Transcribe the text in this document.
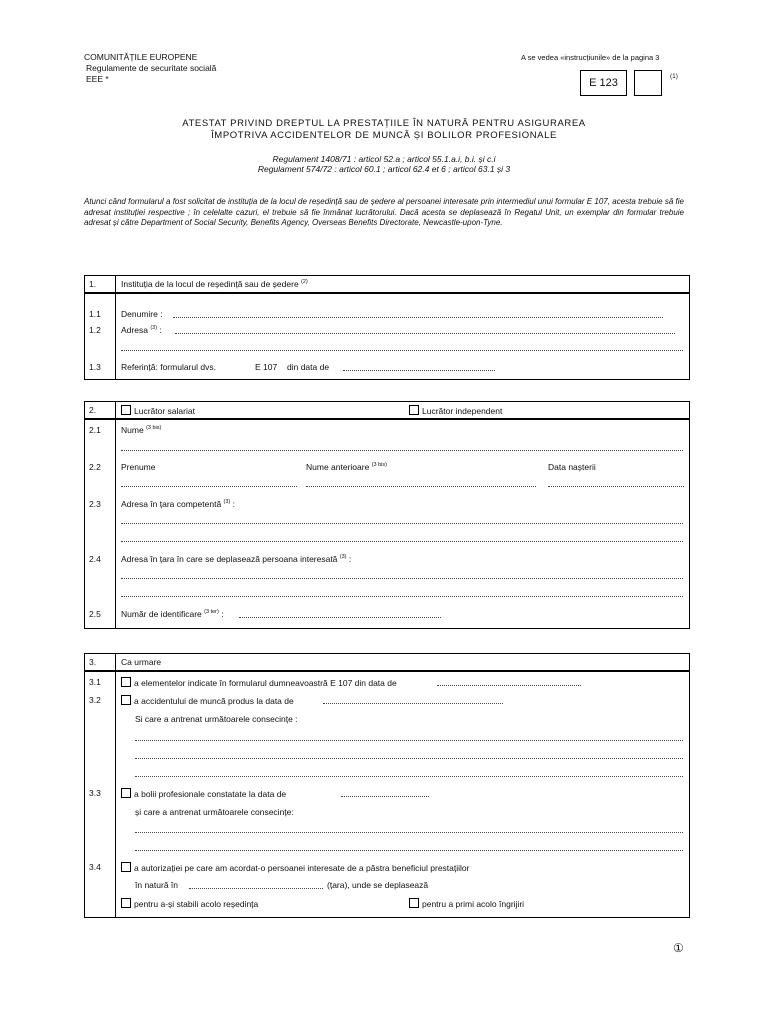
COMUNITĂȚILE EUROPENE
Regulamente de securitate socială
EEE *
A se vedea «instrucțiunile» de la pagina 3
E 123
(1)
ATESTAT PRIVIND DREPTUL LA PRESTAȚIILE ÎN NATURĂ PENTRU ASIGURAREA
ÎMPOTRIVA ACCIDENTELOR DE MUNCĂ ȘI BOLILOR PROFESIONALE
Regulament 1408/71 : articol 52.a ; articol 55.1.a.i, b.i. și c.i
Regulament 574/72 : articol 60.1 ; articol 62.4 et 6 ; articol 63.1 și 3
Atunci când formularul a fost solicitat de instituția de la locul de reședință sau de ședere al persoanei interesate prin intermediul unui formular E 107, acesta trebuie să fie adresat instituției respective ; în celelalte cazuri, el trebuie să fie înmânat lucrătorului. Dacă acesta se deplasează în Regatul Unit, un exemplar din formular trebuie adresat și către Department of Social Security, Benefits Agency, Overseas Benefits Directorate, Newcastle-upon-Tyne.
1.	Instituția de la locul de reședință sau de ședere $^{(2)}$
1.1 Denumire :
1.2 Adresa $^{(3)}$ :
1.3 Referință: formularul dvs.	E 107 din data de
2.	Lucrător salariat	Lucrător independent
2.1 Nume $^{(3 bis)}$
2.2 Prenume	Nume anterioare $^{(3 bis)}$	Data nașterii
2.3 Adresa în țara competentă $^{(3)}$ :
2.4 Adresa în țara în care se deplasează persoana interesată $^{(3)}$ :
2.5 Număr de identificare $^{(3 ter)}$ :
3.	Ca urmare
3.1	a elementelor indicate în formularul dumneavoastră E 107 din data de
3.2	a accidentului de muncă produs la data de
Si care a antrenat următoarele consecințe :
3.3	a bolii profesionale constatate la data de
și care a antrenat următoarele consecințe:
3.4	a autorizației pe care am acordat-o persoanei interesate de a păstra beneficiul prestațiilor
în natură în	(țara), unde se deplasează
pentru a-și stabili acolo reședința	pentru a primi acolo îngrijiri
①
